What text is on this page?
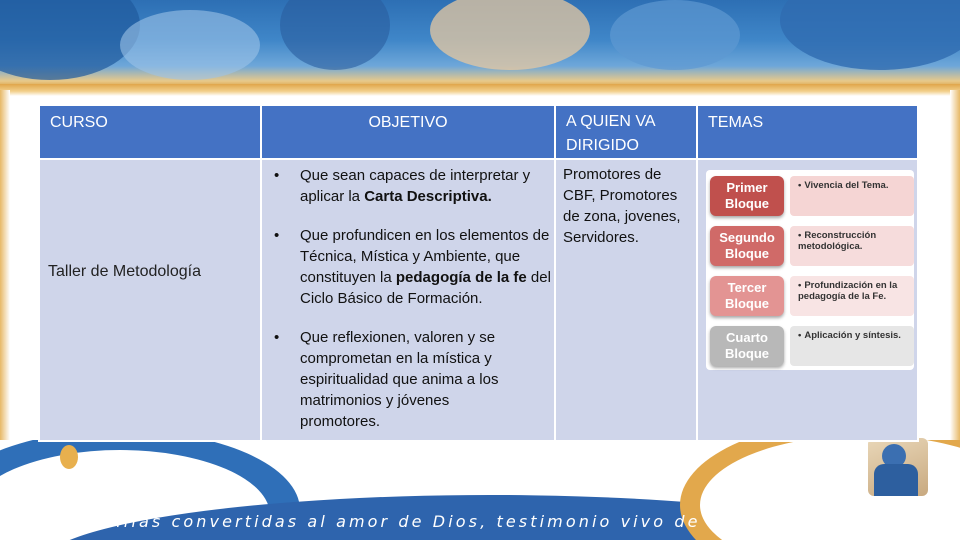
"Familias convertidas al amor de Dios, testimonio vivo de santidad
CURSO	OBJETIVO	A QUIEN VA DIRIGIDO
TEMAS
Taller de Metodología
• Que sean capaces de interpretar y aplicar la Carta Descriptiva.
• Que profundicen en los elementos de Técnica, Mística y Ambiente, que constituyen la pedagogía de la fe del Ciclo Básico de Formación.
• Que reflexionen, valoren y se comprometan en la mística y espiritualidad que anima a los matrimonios y jóvenes promotores.
Promotores de CBF, Promotores de zona, jovenes, Servidores.
Primer Bloque
• Vivencia del Tema.
Segundo Bloque
• Reconstrucción metodológica.
Tercer Bloque
• Profundización en la pedagogía de la Fe.
Cuarto Bloque
• Aplicación y síntesis.
